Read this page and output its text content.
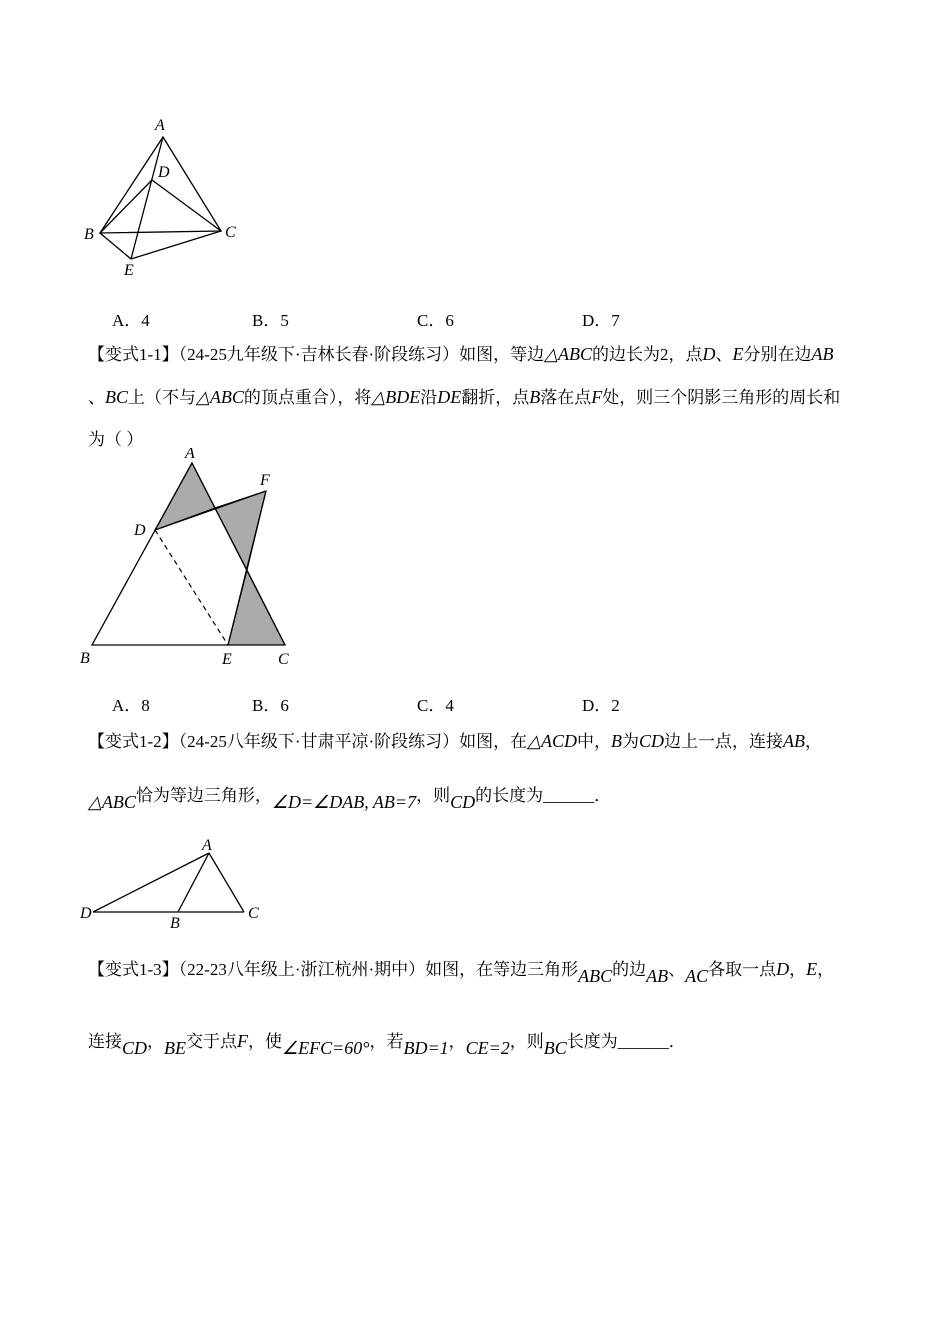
A
D
B	C
E
A．4	B．5	C．6	D．7
【变式1-1】（24-25九年级下·吉林长春·阶段练习）如图，等边△ABC的边长为2，点D、E分别在边AB
、BC上（不与△ABC的顶点重合），将△BDE沿DE翻折，点B落在点F处，则三个阴影三角形的周长和
为（ ）
A
F
D
B	E	C
A．8	B．6	C．4	D．2
【变式1-2】（24-25八年级下·甘肃平凉·阶段练习）如图，在△ACD中，B为CD边上一点，连接AB，
△ABC恰为等边三角形，∠D=∠DAB, AB=7，则CD的长度为______．
A
D
B
C
【变式1-3】（22-23八年级上·浙江杭州·期中）如图，在等边三角形ABC的边AB、AC各取一点D，E，
连接CD，BE交于点F，使∠EFC=60°，若BD=1，CE=2，则BC长度为______．
